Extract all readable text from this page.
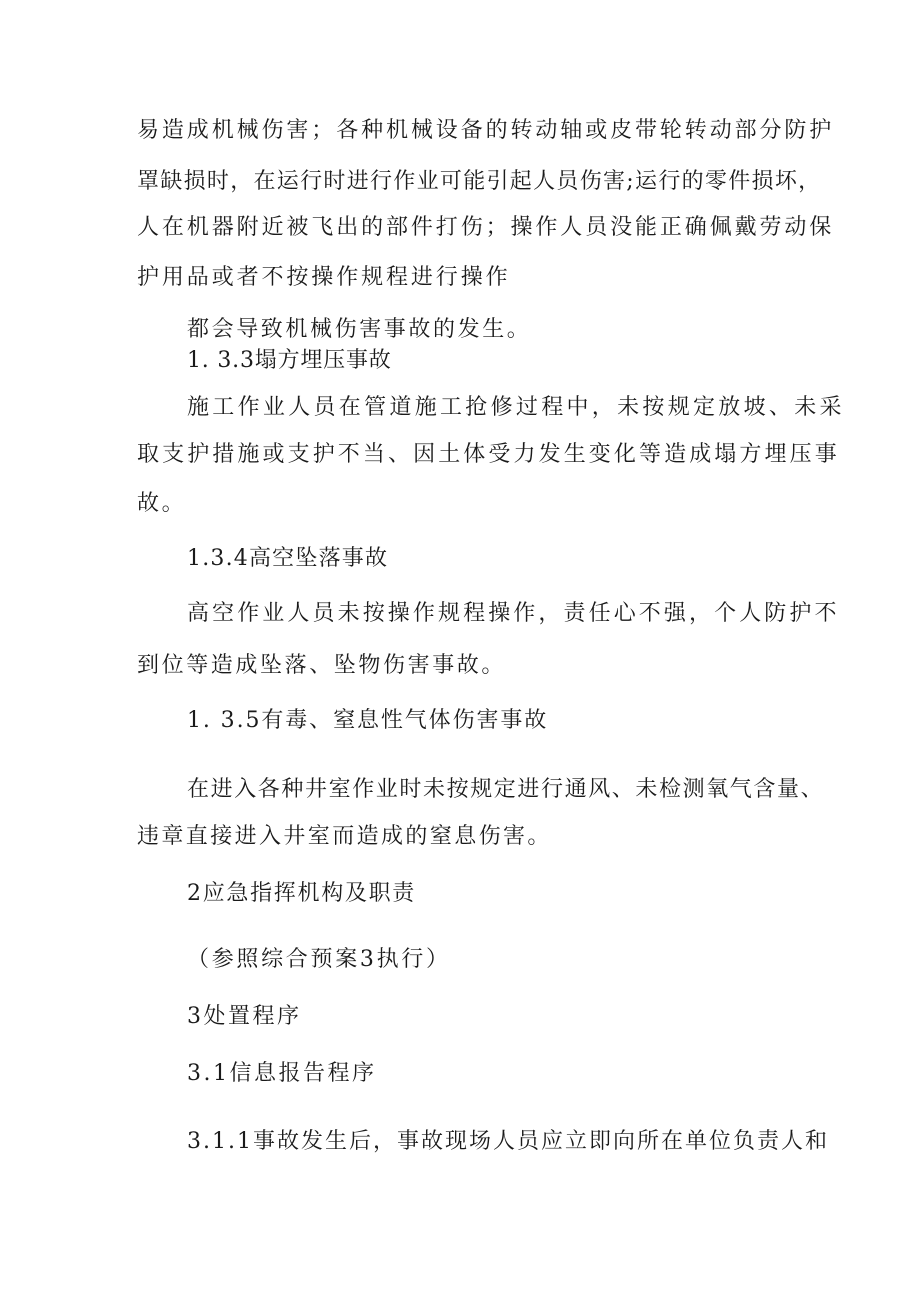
易造成机械伤害；各种机械设备的转动轴或皮带轮转动部分防护
罩缺损时，在运行时进行作业可能引起人员伤害;运行的零件损坏，
人在机器附近被飞出的部件打伤；操作人员没能正确佩戴劳动保
护用品或者不按操作规程进行操作
都会导致机械伤害事故的发生。
1. 3.3塌方埋压事故
施工作业人员在管道施工抢修过程中，未按规定放坡、未采
取支护措施或支护不当、因土体受力发生变化等造成塌方埋压事
故。
1.3.4高空坠落事故
高空作业人员未按操作规程操作，责任心不强，个人防护不
到位等造成坠落、坠物伤害事故。
1. 3.5有毒、窒息性气体伤害事故
在进入各种井室作业时未按规定进行通风、未检测氧气含量、
违章直接进入井室而造成的窒息伤害。
2应急指挥机构及职责
（参照综合预案3执行）
3处置程序
3.1信息报告程序
3.1.1事故发生后，事故现场人员应立即向所在单位负责人和
